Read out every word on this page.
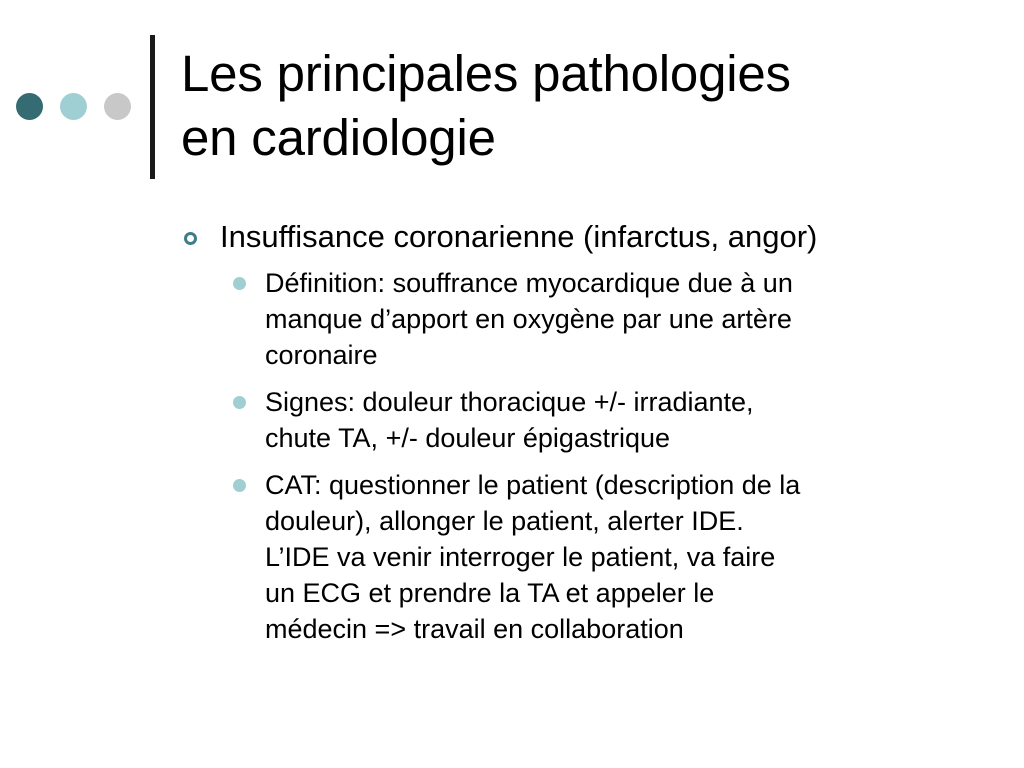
Les principales pathologies
en cardiologie
Insuffisance coronarienne (infarctus, angor)
Définition: souffrance myocardique due à un
manque d’apport en oxygène par une artère
coronaire
Signes: douleur thoracique +/- irradiante,
chute TA, +/- douleur épigastrique
CAT: questionner le patient (description de la
douleur), allonger le patient, alerter IDE.
L’IDE va venir interroger le patient, va faire
un ECG et prendre la TA et appeler le
médecin => travail en collaboration
